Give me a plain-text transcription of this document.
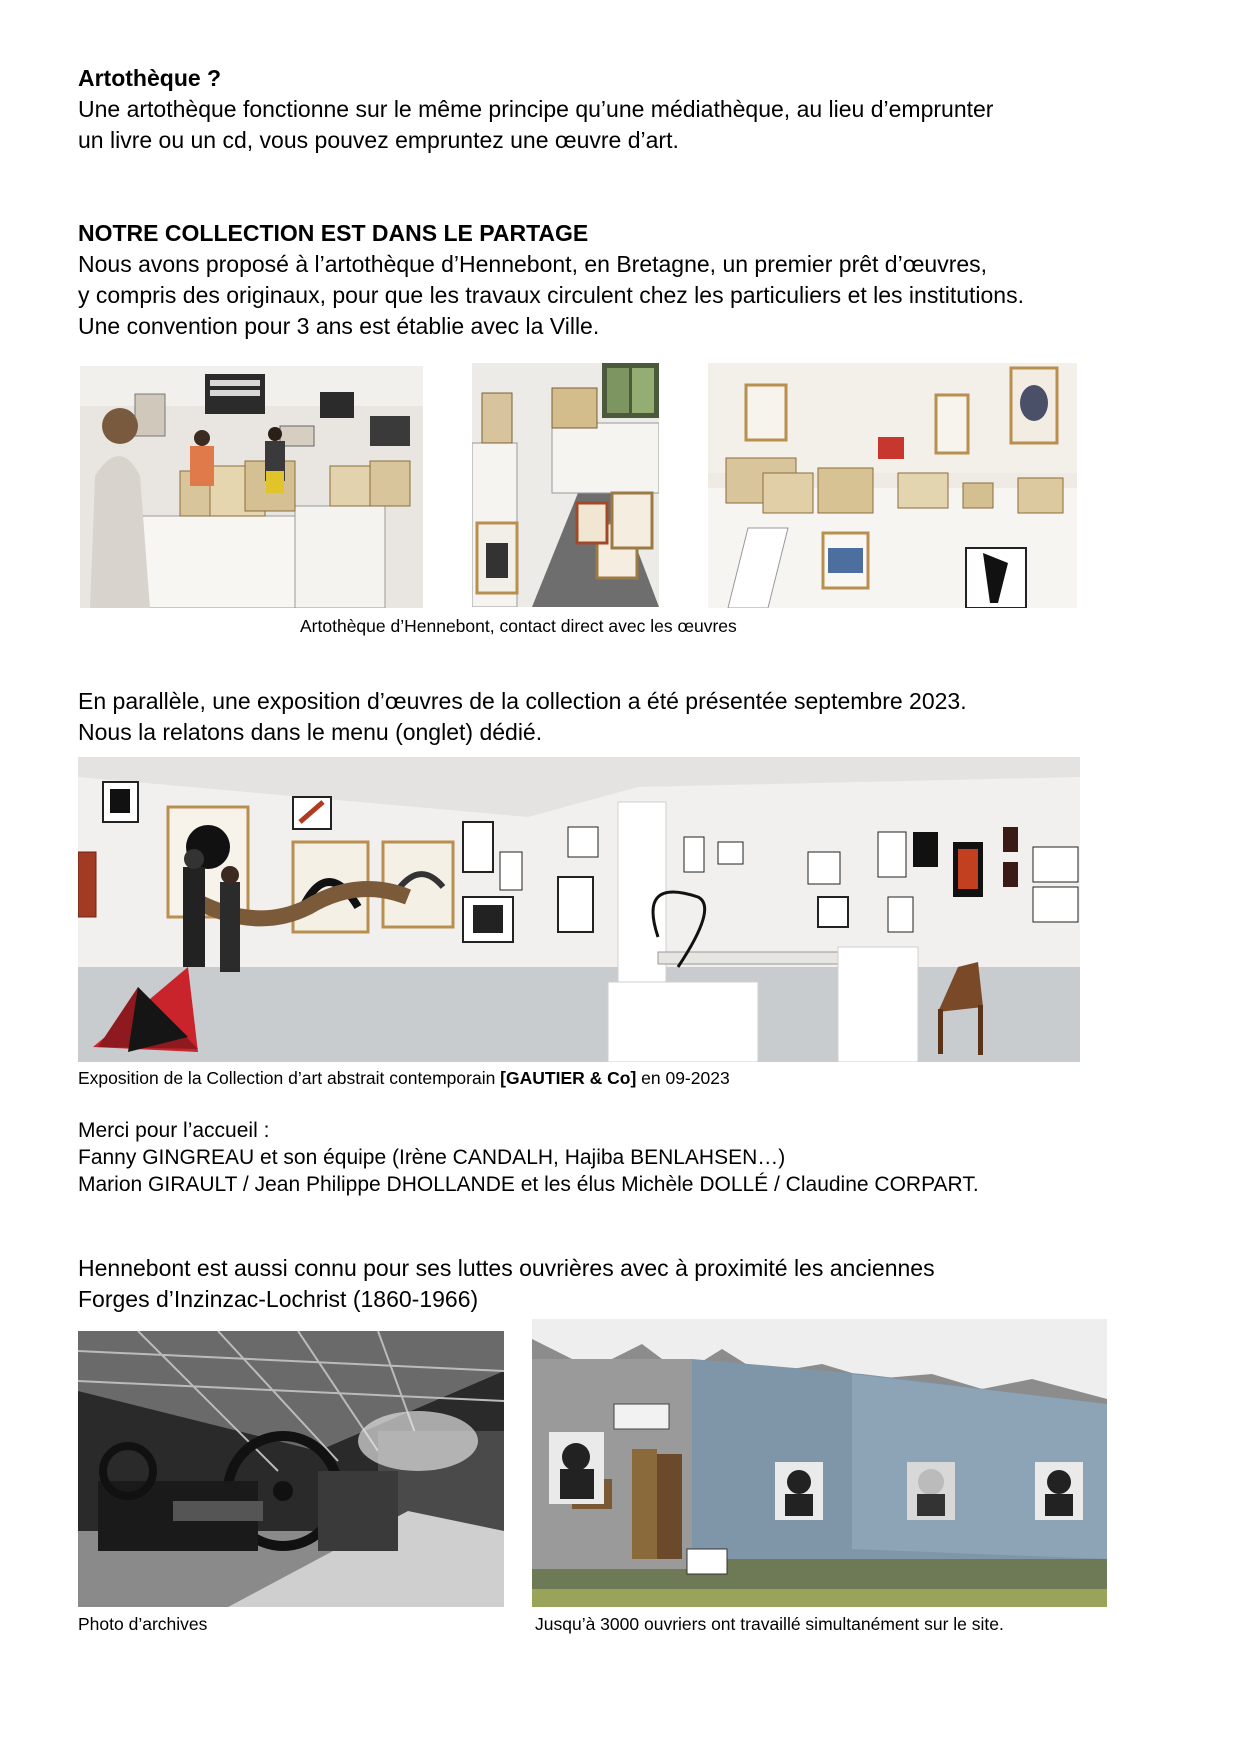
Artothèque ?

Une artothèque fonctionne sur le même principe qu’une médiathèque, au lieu d’emprunter

un livre ou un cd, vous pouvez empruntez une œuvre d’art.

NOTRE COLLECTION EST DANS LE PARTAGE

Nous avons proposé à l’artothèque d’Hennebont, en Bretagne, un premier prêt d’œuvres,

y compris des originaux, pour que les travaux circulent chez les particuliers et les institutions.

Une convention pour 3 ans est établie avec la Ville.

Artothèque d’Hennebont, contact direct avec les œuvres

En parallèle, une exposition d’œuvres de la collection a été présentée septembre 2023.

Nous la relatons dans le menu (onglet) dédié.

Exposition de la Collection d’art abstrait contemporain [GAUTIER & Co] en 09-2023

Merci pour l’accueil :

Fanny GINGREAU et son équipe (Irène CANDALH, Hajiba BENLAHSEN…)

Marion GIRAULT / Jean Philippe DHOLLANDE et les élus Michèle DOLLÉ / Claudine CORPART.

Hennebont est aussi connu pour ses luttes ouvrières avec à proximité les anciennes

Forges d’Inzinzac-Lochrist (1860-1966)

Photo d’archives	Jusqu’à 3000 ouvriers ont travaillé simultanément sur le site.
